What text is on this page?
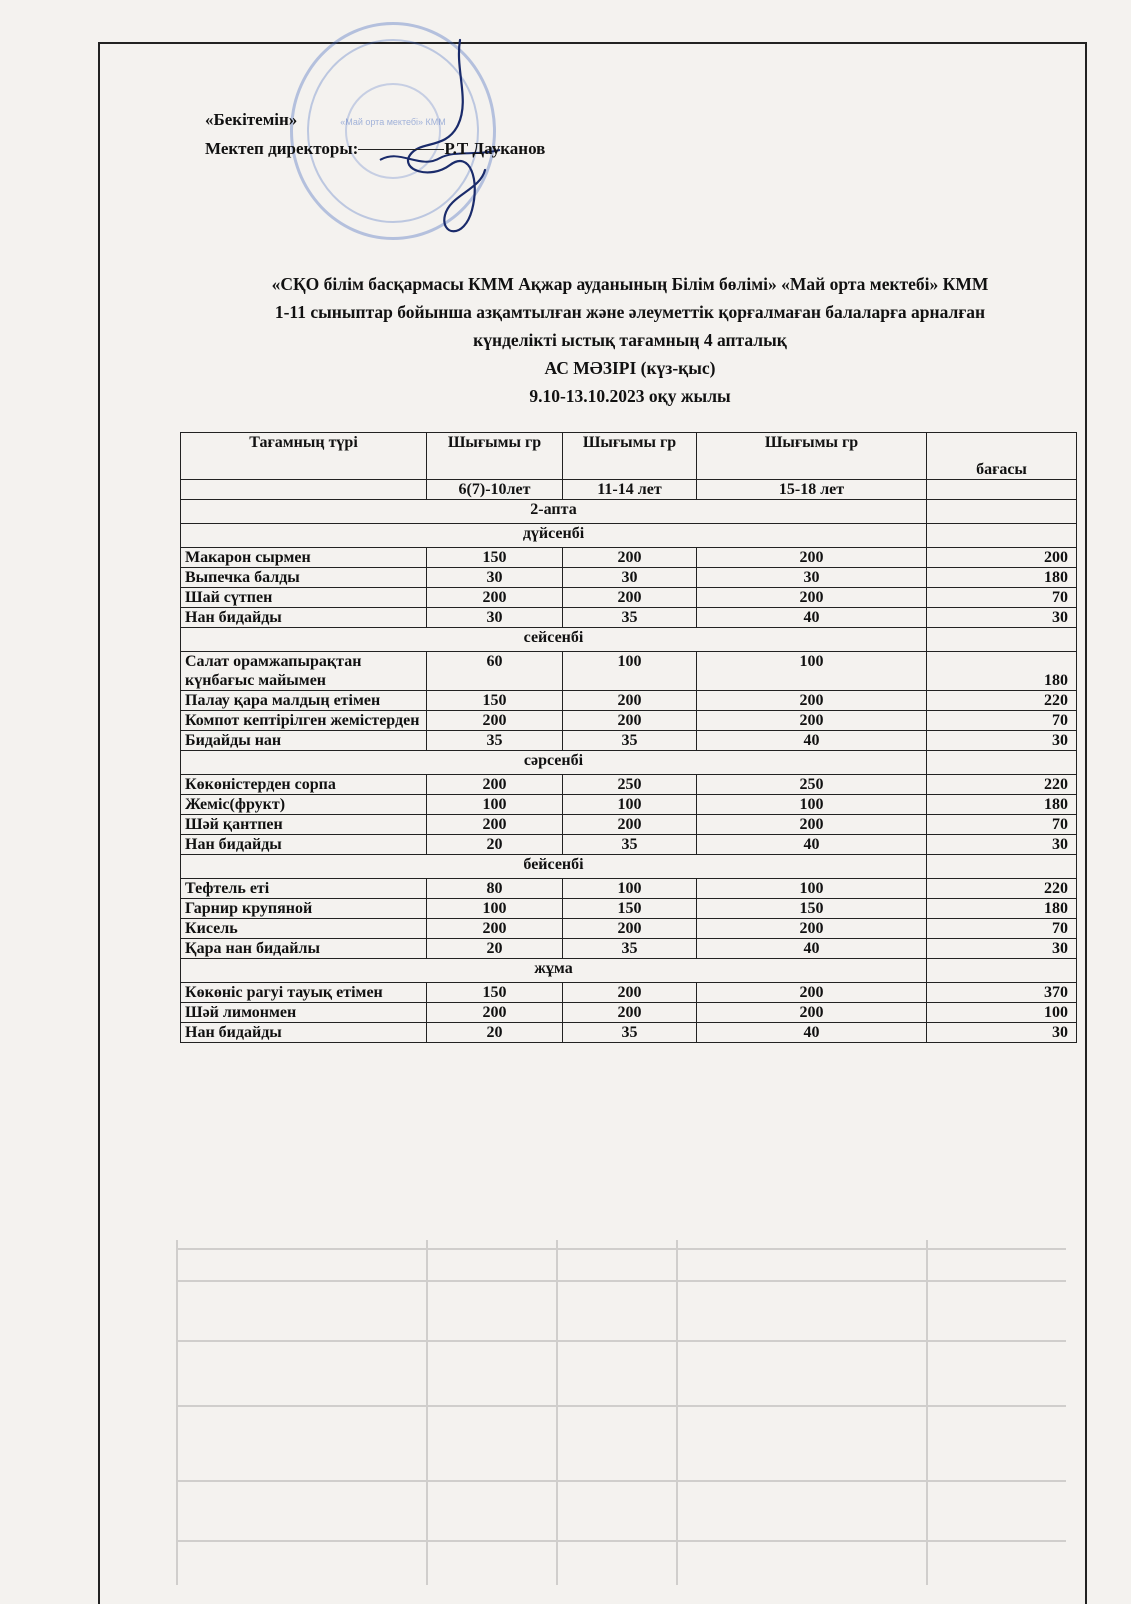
«Май орта мектебі» КММ
«Бекітемін»
Мектеп директоры:	Р.Т Дауканов
«СҚО білім басқармасы КММ Ақжар ауданының Білім бөлімі» «Май орта мектебі» КММ
1-11 сыныптар бойынша азқамтылған және әлеуметтік қорғалмаған балаларға арналған
күнделікті ыстық тағамның 4 апталық
АС МӘЗІРІ (күз-қыс)
9.10-13.10.2023 оқу жылы
Тағамның түрі	Шығымы гр	Шығымы гр	Шығымы гр	бағасы
	6(7)-10лет	11-14 лет	15-18 лет	
2-апта				
дүйсенбі				
Макарон сырмен	150	200	200	200
Выпечка балды	30	30	30	180
Шай сүтпен	200	200	200	70
Нан бидайды	30	35	40	30
сейсенбі				
Салат орамжапырақтан күнбағыс майымен	60	100	100	180
Палау қара малдың етімен	150	200	200	220
Компот кептірілген жемістерден	200	200	200	70
Бидайды нан	35	35	40	30
сәрсенбі				
Көкөністерден сорпа	200	250	250	220
Жеміс(фрукт)	100	100	100	180
Шәй қантпен	200	200	200	70
Нан бидайды	20	35	40	30
бейсенбі				
Тефтель еті	80	100	100	220
Гарнир крупяной	100	150	150	180
Кисель	200	200	200	70
Қара нан бидайлы	20	35	40	30
жұма				
Көкөніс рагуі тауық етімен	150	200	200	370
Шәй лимонмен	200	200	200	100
Нан бидайды	20	35	40	30
